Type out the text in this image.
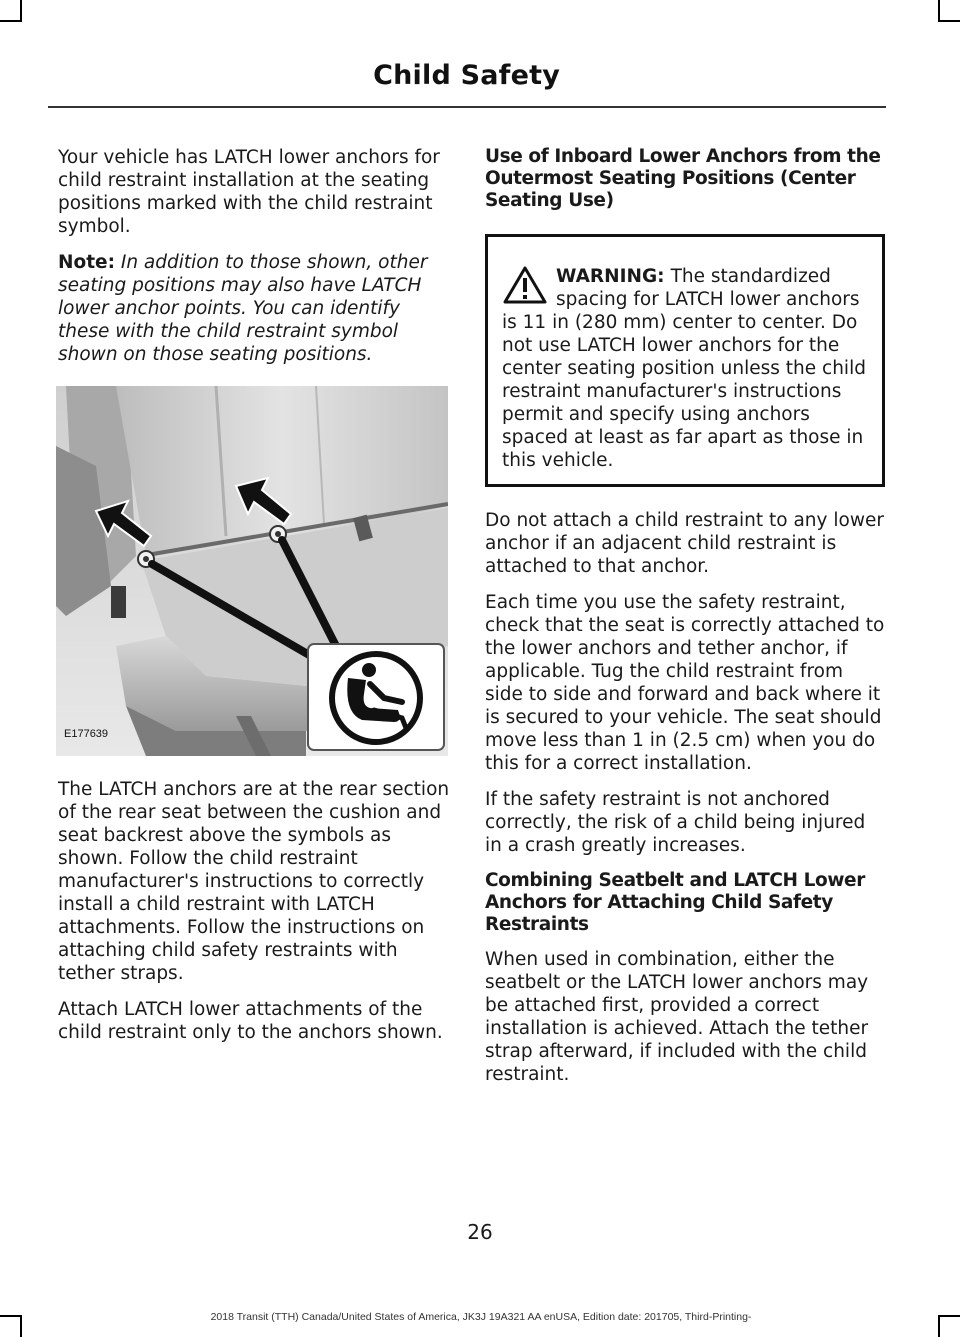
Child Safety

Your vehicle has LATCH lower anchors for child restraint installation at the seating positions marked with the child restraint symbol.

Note: In addition to those shown, other seating positions may also have LATCH lower anchor points. You can identify these with the child restraint symbol shown on those seating positions.

E177639

The LATCH anchors are at the rear section of the rear seat between the cushion and seat backrest above the symbols as shown. Follow the child restraint manufacturer's instructions to correctly install a child restraint with LATCH attachments. Follow the instructions on attaching child safety restraints with tether straps.

Attach LATCH lower attachments of the child restraint only to the anchors shown.

Use of Inboard Lower Anchors from the Outermost Seating Positions (Center Seating Use)
WARNING: The standardized spacing for LATCH lower anchors is 11 in (280 mm) center to center. Do not use LATCH lower anchors for the center seating position unless the child restraint manufacturer's instructions permit and specify using anchors spaced at least as far apart as those in this vehicle.

Do not attach a child restraint to any lower anchor if an adjacent child restraint is attached to that anchor.

Each time you use the safety restraint, check that the seat is correctly attached to the lower anchors and tether anchor, if applicable. Tug the child restraint from side to side and forward and back where it is secured to your vehicle. The seat should move less than 1 in (2.5 cm) when you do this for a correct installation.

If the safety restraint is not anchored correctly, the risk of a child being injured in a crash greatly increases.

Combining Seatbelt and LATCH Lower Anchors for Attaching Child Safety Restraints

When used in combination, either the seatbelt or the LATCH lower anchors may be attached first, provided a correct installation is achieved. Attach the tether strap afterward, if included with the child restraint.

26
2018 Transit (TTH) Canada/United States of America, JK3J 19A321 AA enUSA, Edition date: 201705, Third-Printing-
